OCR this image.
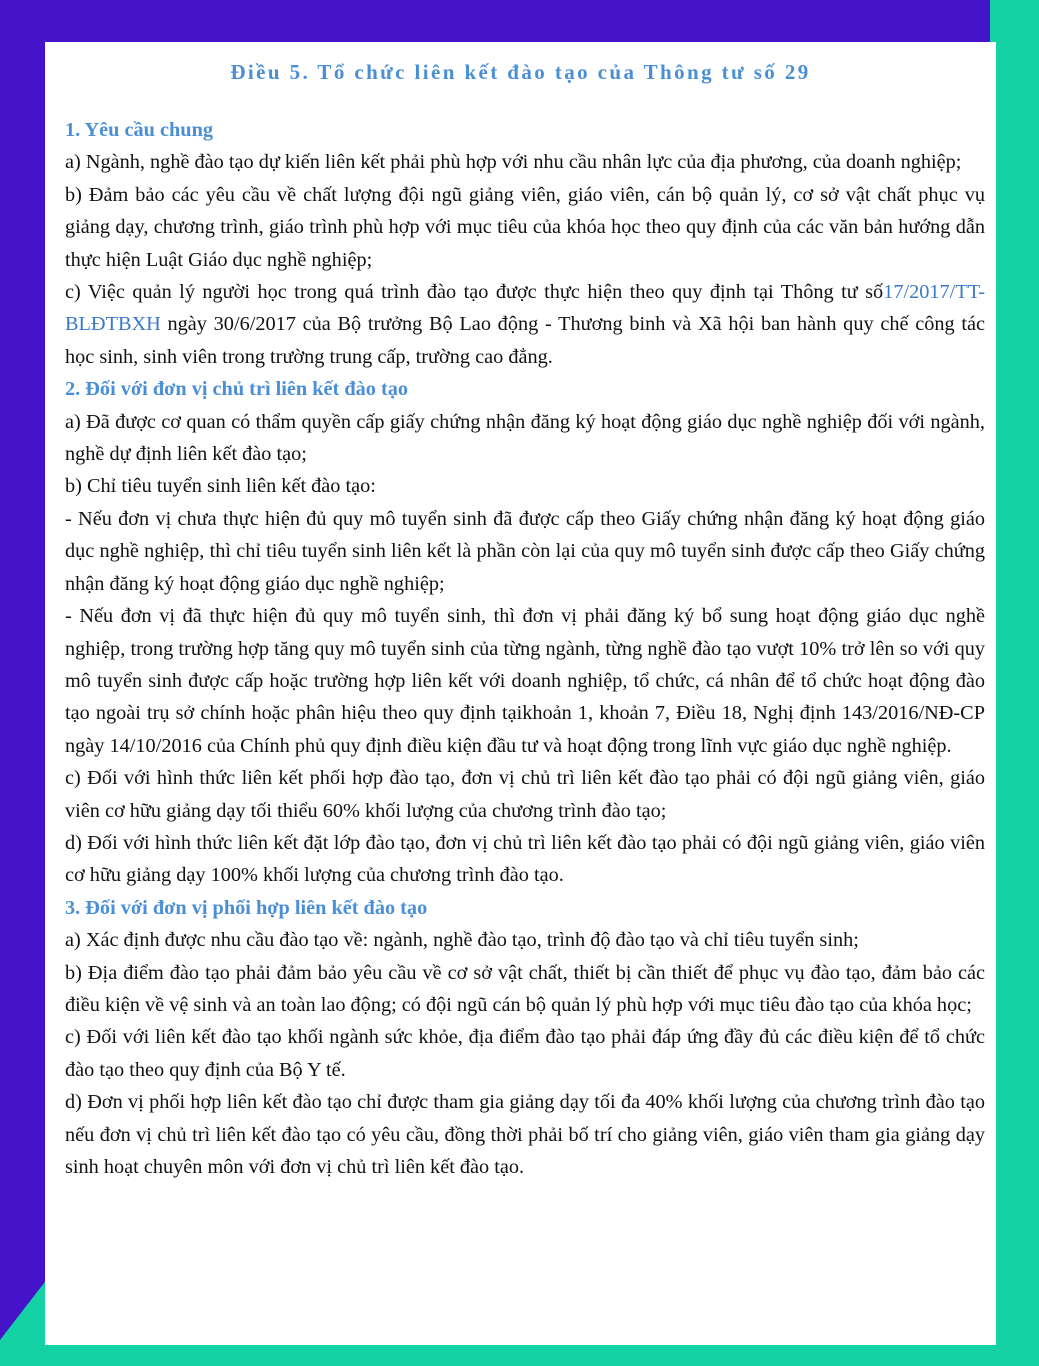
Điều 5. Tổ chức liên kết đào tạo của Thông tư số 29

1. Yêu cầu chung

a) Ngành, nghề đào tạo dự kiến liên kết phải phù hợp với nhu cầu nhân lực của địa phương, của doanh nghiệp;

b) Đảm bảo các yêu cầu về chất lượng đội ngũ giảng viên, giáo viên, cán bộ quản lý, cơ sở vật chất phục vụ giảng dạy, chương trình, giáo trình phù hợp với mục tiêu của khóa học theo quy định của các văn bản hướng dẫn thực hiện Luật Giáo dục nghề nghiệp;

c) Việc quản lý người học trong quá trình đào tạo được thực hiện theo quy định tại Thông tư số17/2017/TT-BLĐTBXH ngày 30/6/2017 của Bộ trưởng Bộ Lao động - Thương binh và Xã hội ban hành quy chế công tác học sinh, sinh viên trong trường trung cấp, trường cao đẳng.

2. Đối với đơn vị chủ trì liên kết đào tạo

a) Đã được cơ quan có thẩm quyền cấp giấy chứng nhận đăng ký hoạt động giáo dục nghề nghiệp đối với ngành, nghề dự định liên kết đào tạo;

b) Chỉ tiêu tuyển sinh liên kết đào tạo:

- Nếu đơn vị chưa thực hiện đủ quy mô tuyển sinh đã được cấp theo Giấy chứng nhận đăng ký hoạt động giáo dục nghề nghiệp, thì chỉ tiêu tuyển sinh liên kết là phần còn lại của quy mô tuyển sinh được cấp theo Giấy chứng nhận đăng ký hoạt động giáo dục nghề nghiệp;

- Nếu đơn vị đã thực hiện đủ quy mô tuyển sinh, thì đơn vị phải đăng ký bổ sung hoạt động giáo dục nghề nghiệp, trong trường hợp tăng quy mô tuyển sinh của từng ngành, từng nghề đào tạo vượt 10% trở lên so với quy mô tuyển sinh được cấp hoặc trường hợp liên kết với doanh nghiệp, tổ chức, cá nhân để tổ chức hoạt động đào tạo ngoài trụ sở chính hoặc phân hiệu theo quy định tạikhoản 1, khoản 7, Điều 18, Nghị định 143/2016/NĐ-CP ngày 14/10/2016 của Chính phủ quy định điều kiện đầu tư và hoạt động trong lĩnh vực giáo dục nghề nghiệp.

c) Đối với hình thức liên kết phối hợp đào tạo, đơn vị chủ trì liên kết đào tạo phải có đội ngũ giảng viên, giáo viên cơ hữu giảng dạy tối thiểu 60% khối lượng của chương trình đào tạo;

d) Đối với hình thức liên kết đặt lớp đào tạo, đơn vị chủ trì liên kết đào tạo phải có đội ngũ giảng viên, giáo viên cơ hữu giảng dạy 100% khối lượng của chương trình đào tạo.

3. Đối với đơn vị phối hợp liên kết đào tạo

a) Xác định được nhu cầu đào tạo về: ngành, nghề đào tạo, trình độ đào tạo và chỉ tiêu tuyển sinh;

b) Địa điểm đào tạo phải đảm bảo yêu cầu về cơ sở vật chất, thiết bị cần thiết để phục vụ đào tạo, đảm bảo các điều kiện về vệ sinh và an toàn lao động; có đội ngũ cán bộ quản lý phù hợp với mục tiêu đào tạo của khóa học;

c) Đối với liên kết đào tạo khối ngành sức khỏe, địa điểm đào tạo phải đáp ứng đầy đủ các điều kiện để tổ chức đào tạo theo quy định của Bộ Y tế.

d) Đơn vị phối hợp liên kết đào tạo chỉ được tham gia giảng dạy tối đa 40% khối lượng của chương trình đào tạo nếu đơn vị chủ trì liên kết đào tạo có yêu cầu, đồng thời phải bố trí cho giảng viên, giáo viên tham gia giảng dạy sinh hoạt chuyên môn với đơn vị chủ trì liên kết đào tạo.
